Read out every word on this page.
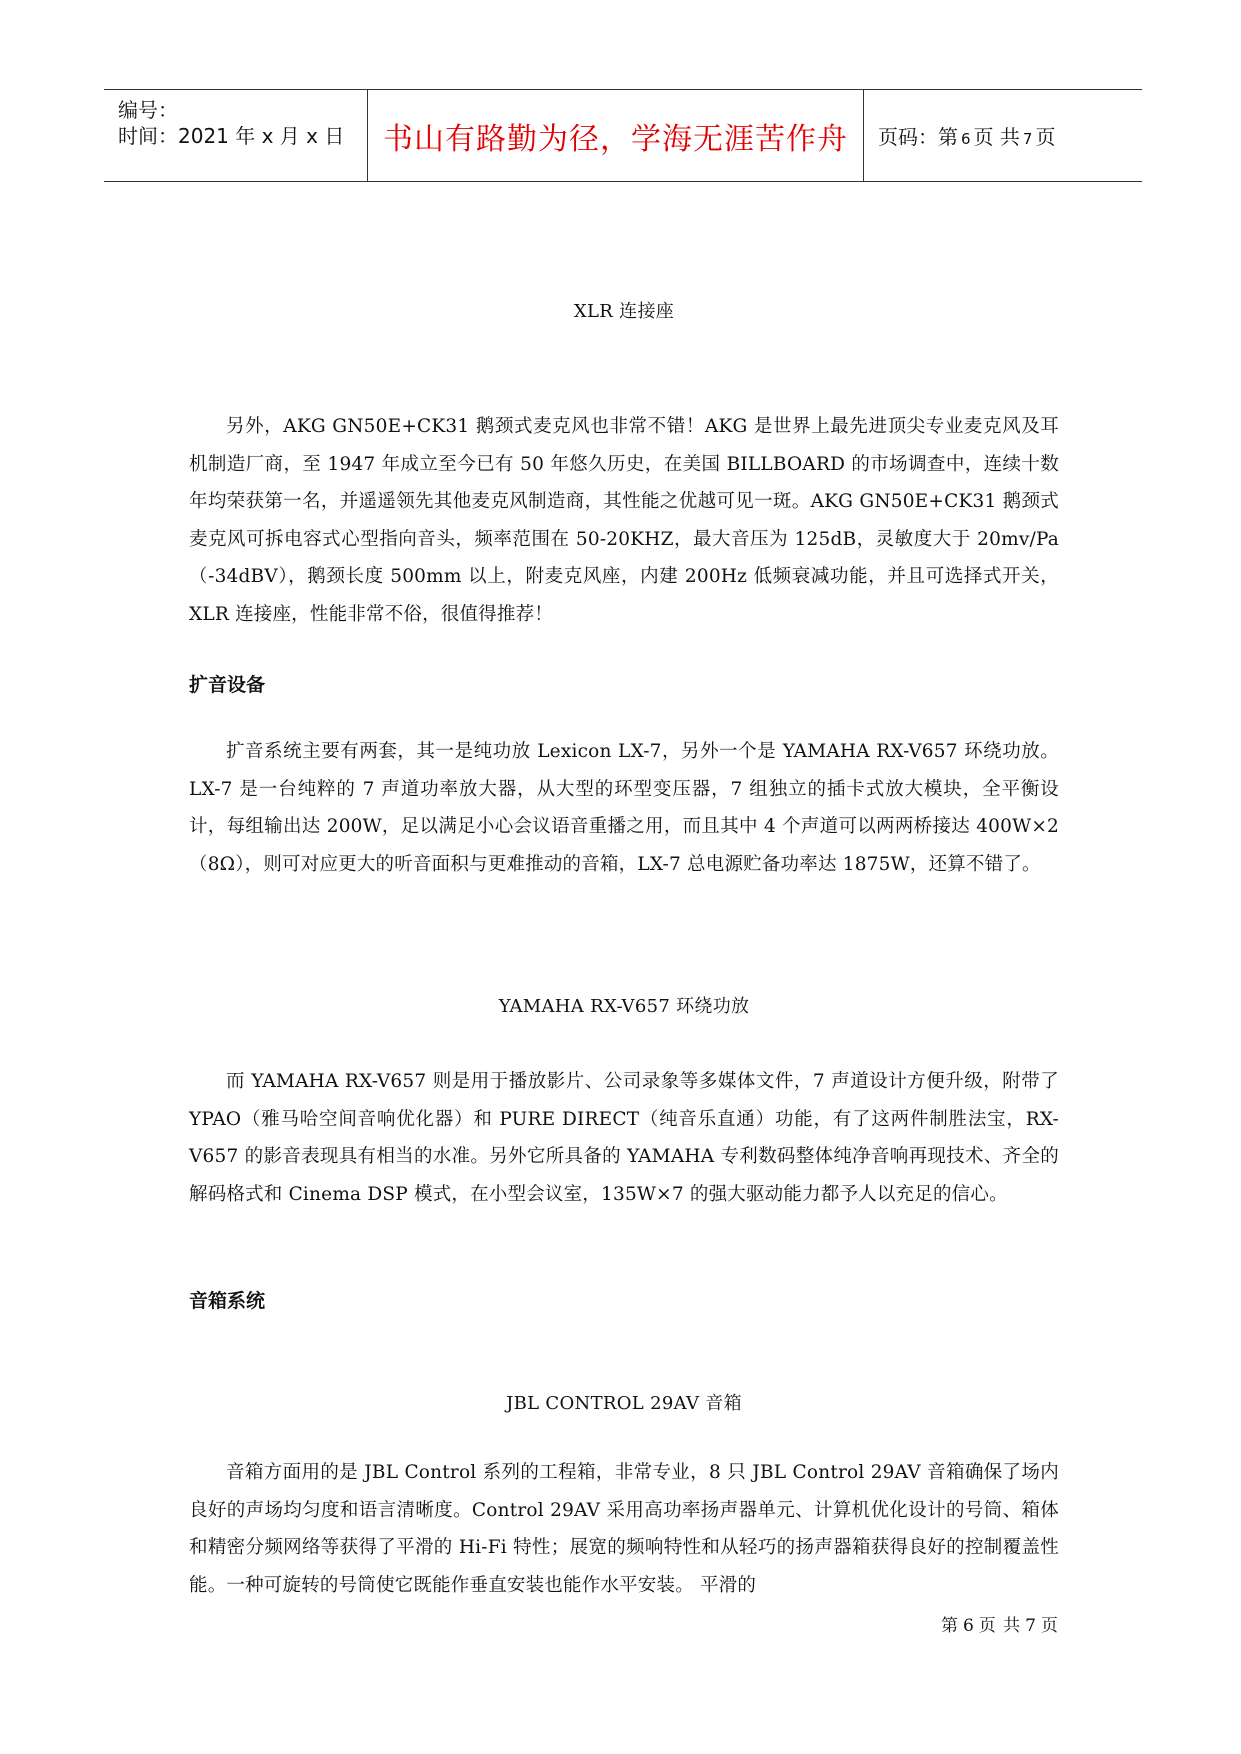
编号：
时间：2021 年 x 月 x 日 书山有路勤为径，学海无涯苦作舟 页码：第 6 页 共 7 页
XLR 连接座
另外，AKG GN50E+CK31 鹅颈式麦克风也非常不错！AKG 是世界上最先进顶尖专业麦克风及耳机制造厂商，至 1947 年成立至今已有 50 年悠久历史，在美国 BILLBOARD 的市场调查中，连续十数年均荣获第一名，并遥遥领先其他麦克风制造商，其性能之优越可见一斑。AKG GN50E+CK31 鹅颈式麦克风可拆电容式心型指向音头，频率范围在 50-20KHZ，最大音压为 125dB，灵敏度大于 20mv/Pa（-34dBV），鹅颈长度 500mm 以上，附麦克风座，内建 200Hz 低频衰减功能，并且可选择式开关，XLR 连接座，性能非常不俗，很值得推荐！
扩音设备
扩音系统主要有两套，其一是纯功放 Lexicon LX-7，另外一个是 YAMAHA RX-V657 环绕功放。LX-7 是一台纯粹的 7 声道功率放大器，从大型的环型变压器，7 组独立的插卡式放大模块，全平衡设计，每组输出达 200W，足以满足小心会议语音重播之用，而且其中 4 个声道可以两两桥接达 400W×2（8Ω），则可对应更大的听音面积与更难推动的音箱，LX-7 总电源贮备功率达 1875W，还算不错了。
YAMAHA RX-V657 环绕功放
而 YAMAHA RX-V657 则是用于播放影片、公司录象等多媒体文件，7 声道设计方便升级，附带了 YPAO（雅马哈空间音响优化器）和 PURE DIRECT（纯音乐直通）功能，有了这两件制胜法宝，RX-V657 的影音表现具有相当的水准。另外它所具备的 YAMAHA 专利数码整体纯净音响再现技术、齐全的解码格式和 Cinema DSP 模式，在小型会议室，135W×7 的强大驱动能力都予人以充足的信心。
音箱系统
JBL CONTROL 29AV 音箱
音箱方面用的是 JBL Control 系列的工程箱，非常专业，8 只 JBL Control 29AV 音箱确保了场内良好的声场均匀度和语言清晰度。Control 29AV 采用高功率扬声器单元、计算机优化设计的号筒、箱体和精密分频网络等获得了平滑的 Hi-Fi 特性；展宽的频响特性和从轻巧的扬声器箱获得良好的控制覆盖性能。一种可旋转的号筒使它既能作垂直安装也能作水平安装。 平滑的
第 6 页 共 7 页
